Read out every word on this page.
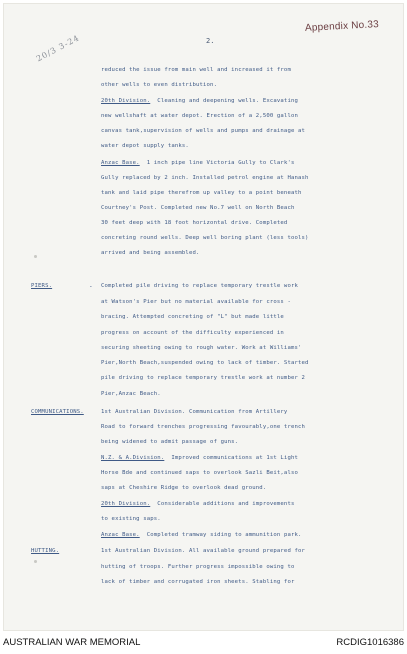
20/3 3-24	2.
Appendix No.33
reduced the issue from main well and increased it from
other wells to even distribution.
20th Division. Cleaning and deepening wells. Excavating
new wellshaft at water depot. Erection of a 2,500 gallon
canvas tank,supervision of wells and pumps and drainage at
water depot supply tanks.
Anzac Base. 1 inch pipe line Victoria Gully to Clark's
Gully replaced by 2 inch. Installed petrol engine at Hanash
tank and laid pipe therefrom up valley to a point beneath
Courtney's Post. Completed new No.7 well on North Beach
30 feet deep with 18 foot horizontal drive. Completed
concreting round wells. Deep well boring plant (less tools)
arrived and being assembled.
PIERS.	- Completed pile driving to replace temporary trestle work
at Watson's Pier but no material available for cross -
bracing. Attempted concreting of "L" but made little
progress on account of the difficulty experienced in
securing sheeting owing to rough water. Work at Williams'
Pier,North Beach,suspended owing to lack of timber. Started
pile driving to replace temporary trestle work at number 2
Pier,Anzac Beach.
COMMUNICATIONS.	1st Australian Division. Communication from Artillery
Road to forward trenches progressing favourably,one trench
being widened to admit passage of guns.
N.Z. & A.Division. Improved communications at 1st Light
Horse Bde and continued saps to overlook Sazli Beit,also
saps at Cheshire Ridge to overlook dead ground.
20th Division. Considerable additions and improvements
to existing saps.
Anzac Base. Completed tramway siding to ammunition park.
HUTTING.	1st Australian Division. All available ground prepared for
hutting of troops. Further progress impossible owing to
lack of timber and corrugated iron sheets. Stabling for
AUSTRALIAN WAR MEMORIAL	RCDIG1016386
